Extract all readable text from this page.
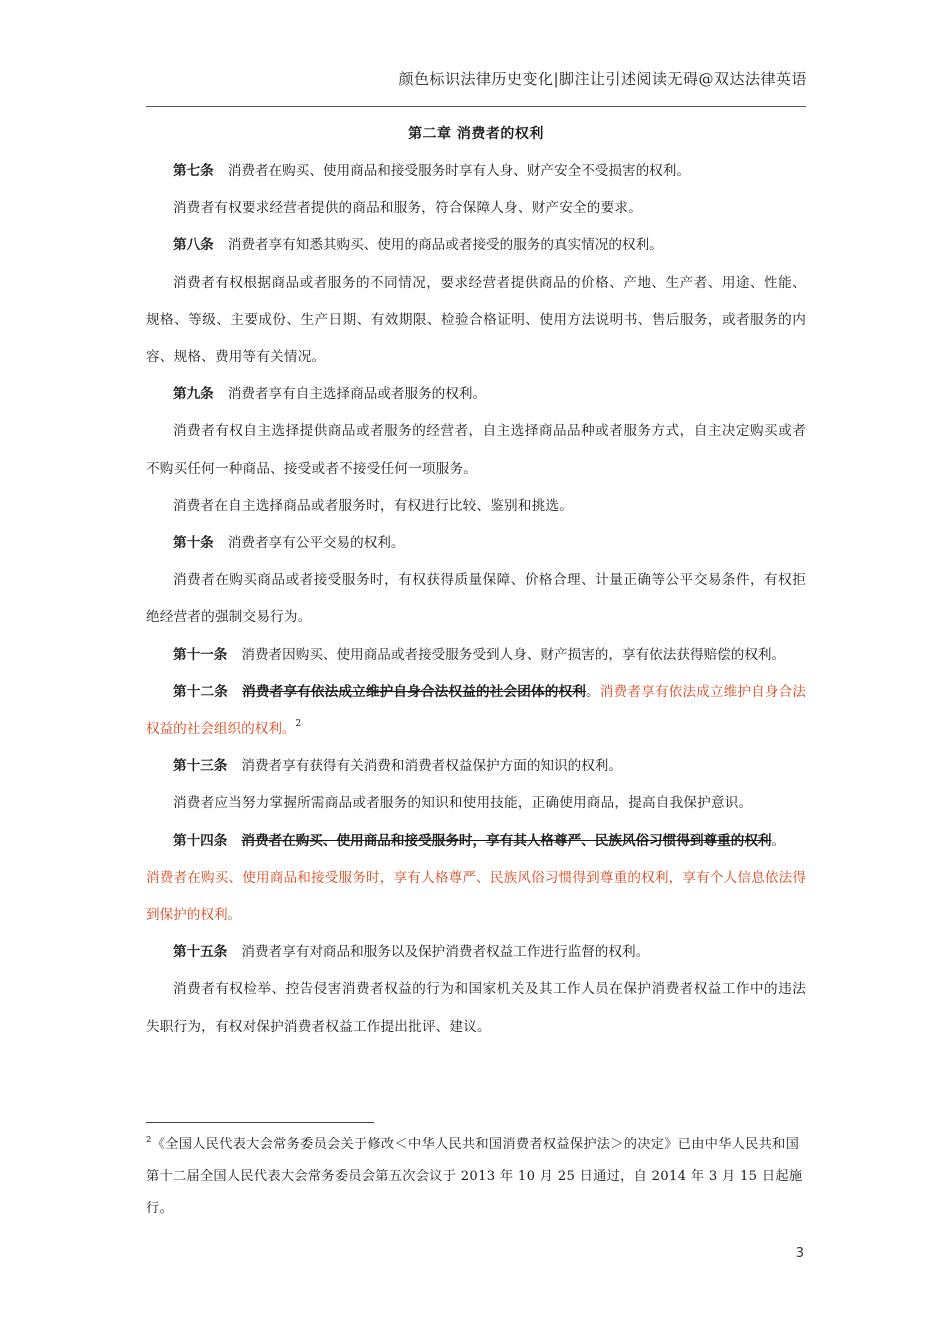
颜色标识法律历史变化|脚注让引述阅读无碍@双达法律英语
第二章 消费者的权利

第七条 消费者在购买、使用商品和接受服务时享有人身、财产安全不受损害的权利。

消费者有权要求经营者提供的商品和服务，符合保障人身、财产安全的要求。

第八条 消费者享有知悉其购买、使用的商品或者接受的服务的真实情况的权利。

消费者有权根据商品或者服务的不同情况，要求经营者提供商品的价格、产地、生产者、用途、性能、规格、等级、主要成份、生产日期、有效期限、检验合格证明、使用方法说明书、售后服务，或者服务的内容、规格、费用等有关情况。

第九条 消费者享有自主选择商品或者服务的权利。

消费者有权自主选择提供商品或者服务的经营者，自主选择商品品种或者服务方式，自主决定购买或者不购买任何一种商品、接受或者不接受任何一项服务。

消费者在自主选择商品或者服务时，有权进行比较、鉴别和挑选。

第十条 消费者享有公平交易的权利。

消费者在购买商品或者接受服务时，有权获得质量保障、价格合理、计量正确等公平交易条件，有权拒绝经营者的强制交易行为。

第十一条 消费者因购买、使用商品或者接受服务受到人身、财产损害的，享有依法获得赔偿的权利。

第十二条 消费者享有依法成立维护自身合法权益的社会团体的权利。消费者享有依法成立维护自身合法权益的社会组织的权利。$^2$

第十三条 消费者享有获得有关消费和消费者权益保护方面的知识的权利。

消费者应当努力掌握所需商品或者服务的知识和使用技能，正确使用商品，提高自我保护意识。

第十四条 消费者在购买、使用商品和接受服务时，享有其人格尊严、民族风俗习惯得到尊重的权利。
消费者在购买、使用商品和接受服务时，享有人格尊严、民族风俗习惯得到尊重的权利，享有个人信息依法得到保护的权利。

第十五条 消费者享有对商品和服务以及保护消费者权益工作进行监督的权利。

消费者有权检举、控告侵害消费者权益的行为和国家机关及其工作人员在保护消费者权益工作中的违法失职行为，有权对保护消费者权益工作提出批评、建议。

$^2$《全国人民代表大会常务委员会关于修改＜中华人民共和国消费者权益保护法＞的决定》已由中华人民共和国第十二届全国人民代表大会常务委员会第五次会议于 2013 年 10 月 25 日通过，自 2014 年 3 月 15 日起施行。
3
